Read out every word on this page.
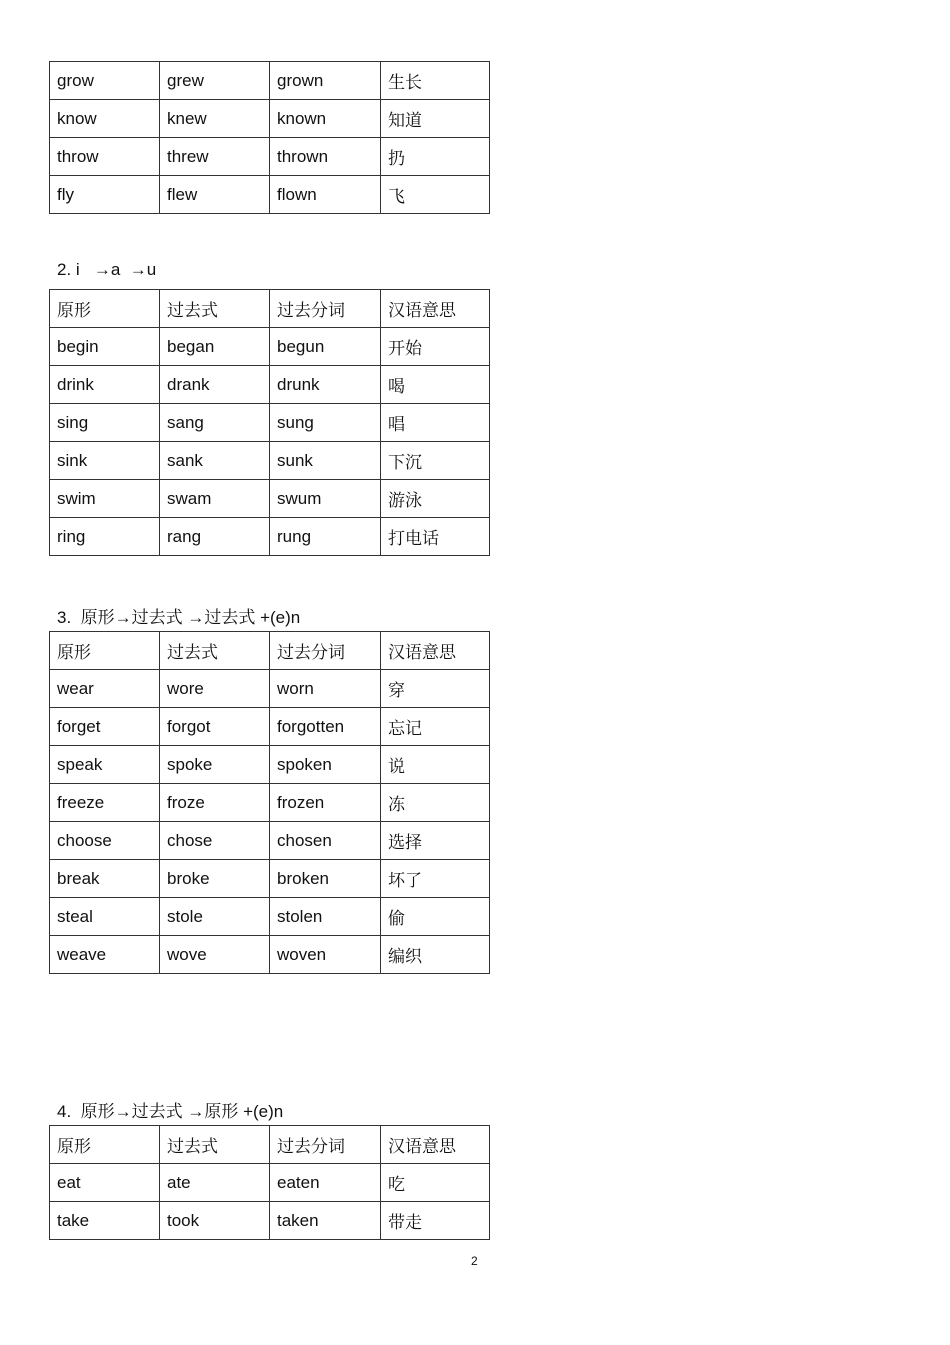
grow	grew	grown	生长
know	knew	known	知道
throw	threw	thrown	扔
fly	flew	flown	飞
2. i   →a  →u
原形	过去式	过去分词	汉语意思
begin	began	begun	开始
drink	drank	drunk	喝
sing	sang	sung	唱
sink	sank	sunk	下沉
swim	swam	swum	游泳
ring	rang	rung	打电话
3.  原形→过去式 →过去式 +(e)n
原形	过去式	过去分词	汉语意思
wear	wore	worn	穿
forget	forgot	forgotten	忘记
speak	spoke	spoken	说
freeze	froze	frozen	冻
choose	chose	chosen	选择
break	broke	broken	坏了
steal	stole	stolen	偷
weave	wove	woven	编织
4.  原形→过去式 →原形 +(e)n
原形	过去式	过去分词	汉语意思
eat	ate	eaten	吃
take	took	taken	带走
2
